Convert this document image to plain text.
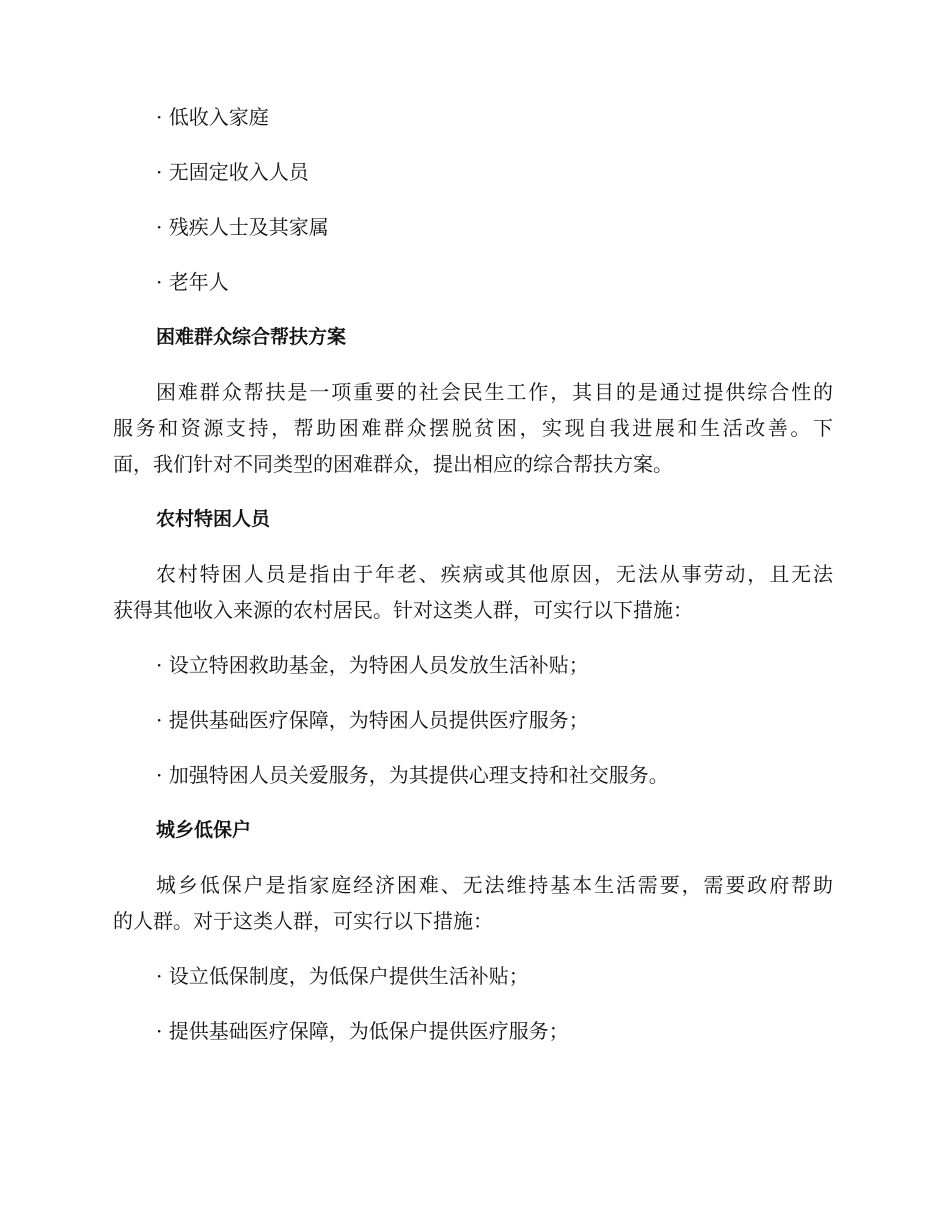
· 低收入家庭
· 无固定收入人员
· 残疾人士及其家属
· 老年人
困难群众综合帮扶方案
困难群众帮扶是一项重要的社会民生工作，其目的是通过提供综合性的
服务和资源支持，帮助困难群众摆脱贫困，实现自我进展和生活改善。下
面，我们针对不同类型的困难群众，提出相应的综合帮扶方案。
农村特困人员
农村特困人员是指由于年老、疾病或其他原因，无法从事劳动，且无法
获得其他收入来源的农村居民。针对这类人群，可实行以下措施：
· 设立特困救助基金，为特困人员发放生活补贴；
· 提供基础医疗保障，为特困人员提供医疗服务；
· 加强特困人员关爱服务，为其提供心理支持和社交服务。
城乡低保户
城乡低保户是指家庭经济困难、无法维持基本生活需要，需要政府帮助
的人群。对于这类人群，可实行以下措施：
· 设立低保制度，为低保户提供生活补贴；
· 提供基础医疗保障，为低保户提供医疗服务；
